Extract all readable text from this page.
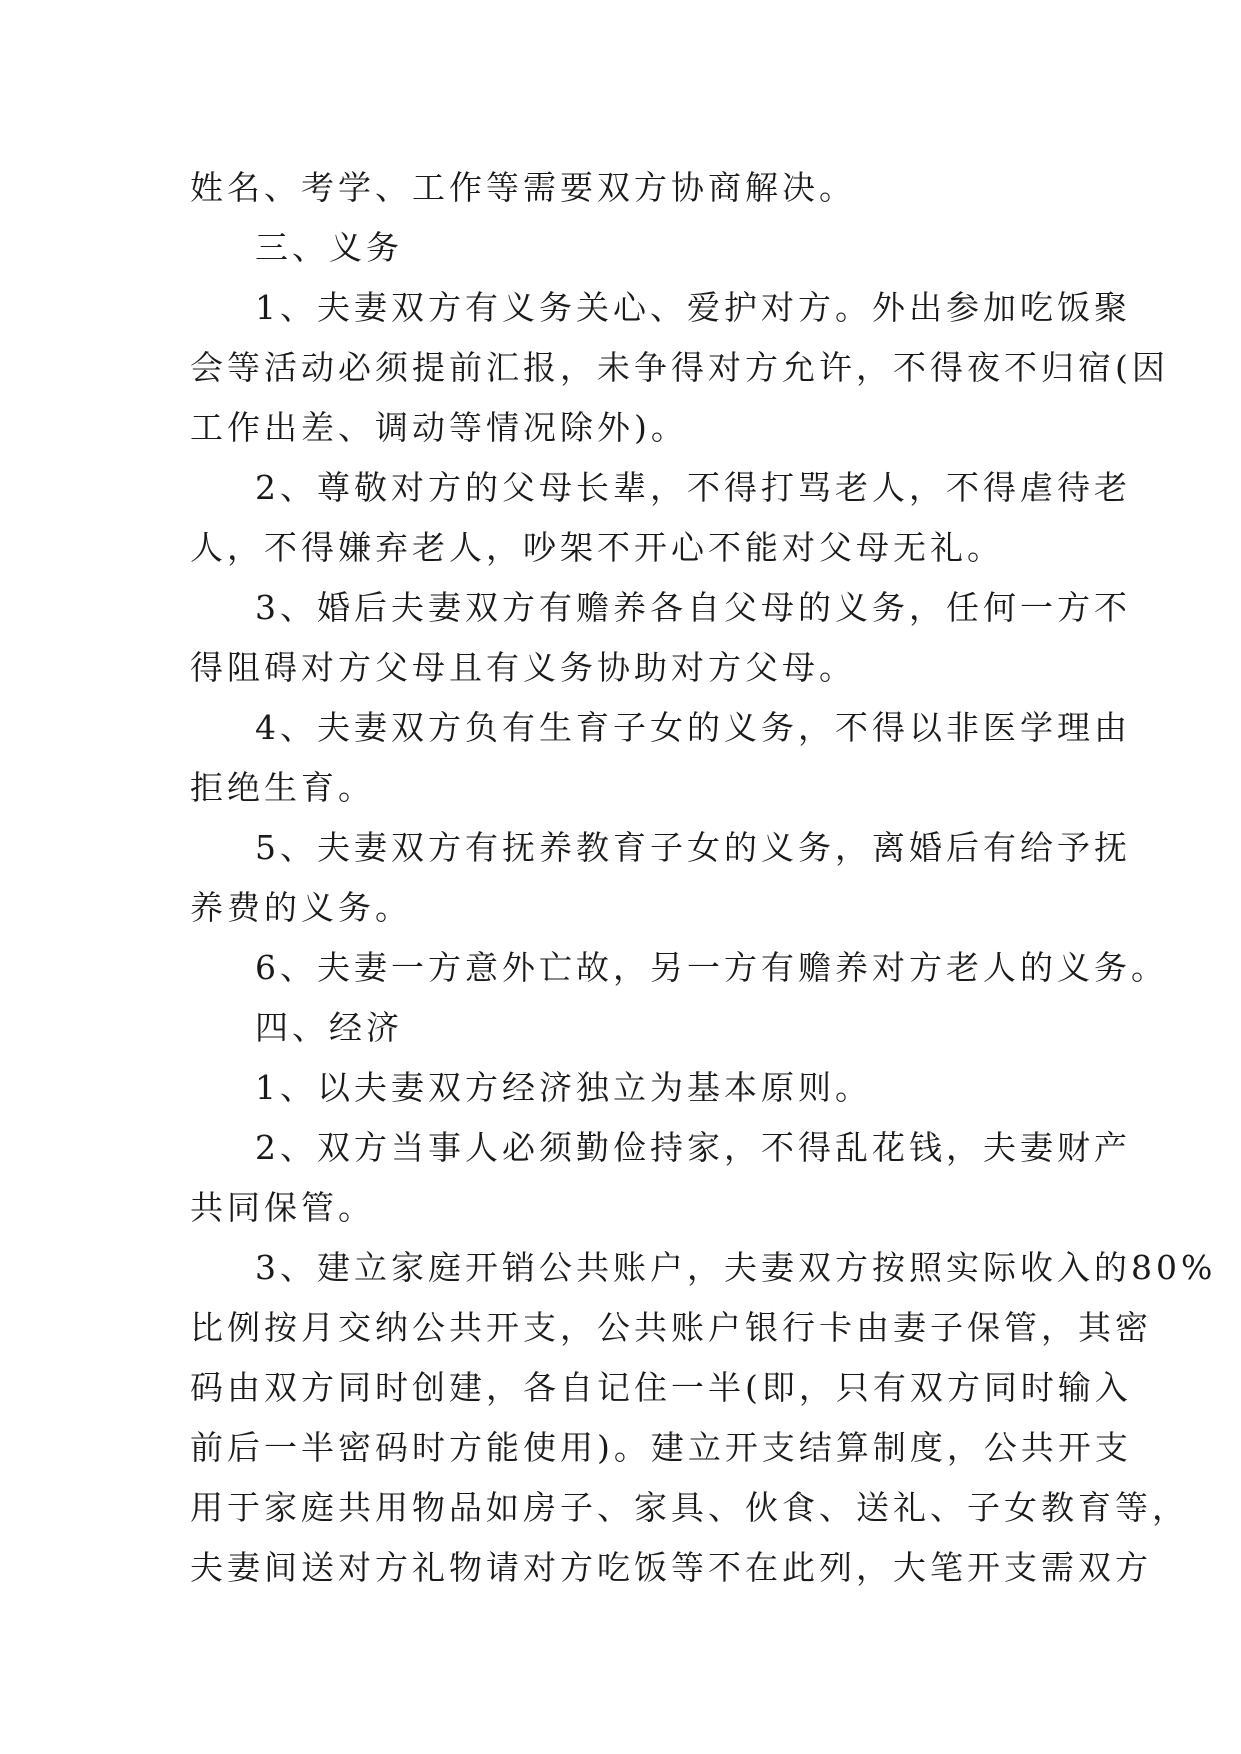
姓名、考学、工作等需要双方协商解决。
三、义务
1、夫妻双方有义务关心、爱护对方。外出参加吃饭聚
会等活动必须提前汇报，未争得对方允许，不得夜不归宿(因
工作出差、调动等情况除外)。
2、尊敬对方的父母长辈，不得打骂老人，不得虐待老
人，不得嫌弃老人，吵架不开心不能对父母无礼。
3、婚后夫妻双方有赡养各自父母的义务，任何一方不
得阻碍对方父母且有义务协助对方父母。
4、夫妻双方负有生育子女的义务，不得以非医学理由
拒绝生育。
5、夫妻双方有抚养教育子女的义务，离婚后有给予抚
养费的义务。
6、夫妻一方意外亡故，另一方有赡养对方老人的义务。
四、经济
1、以夫妻双方经济独立为基本原则。
2、双方当事人必须勤俭持家，不得乱花钱，夫妻财产
共同保管。
3、建立家庭开销公共账户，夫妻双方按照实际收入的80%
比例按月交纳公共开支，公共账户银行卡由妻子保管，其密
码由双方同时创建，各自记住一半(即，只有双方同时输入
前后一半密码时方能使用)。建立开支结算制度，公共开支
用于家庭共用物品如房子、家具、伙食、送礼、子女教育等，
夫妻间送对方礼物请对方吃饭等不在此列，大笔开支需双方
